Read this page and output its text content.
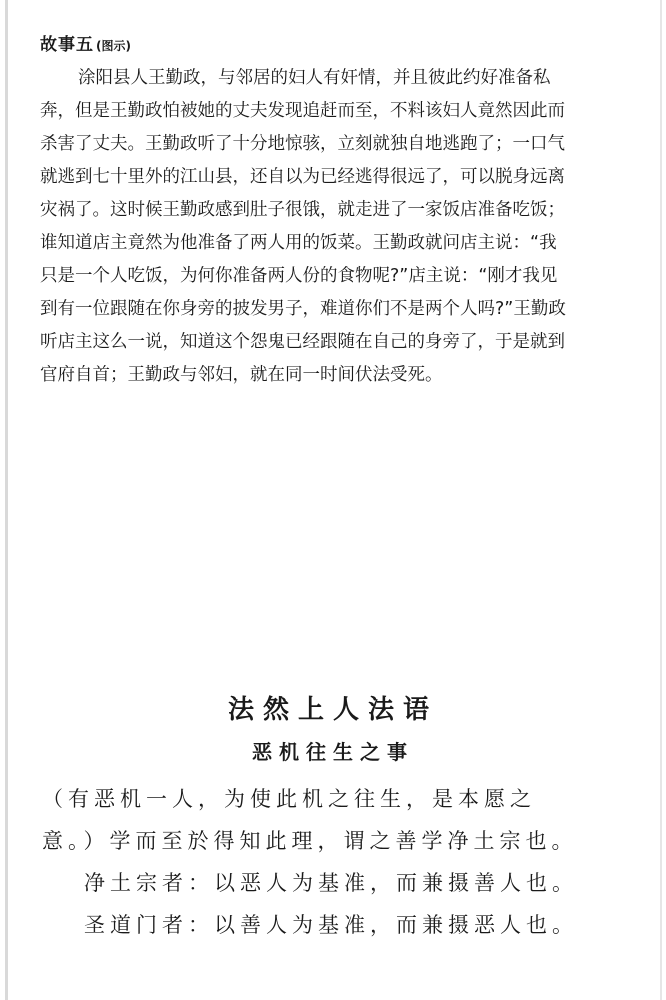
故事五 (图示)
涂阳县人王勤政，与邻居的妇人有奸情，并且彼此约好准备私
奔，但是王勤政怕被她的丈夫发现追赶而至，不料该妇人竟然因此而
杀害了丈夫。王勤政听了十分地惊骇，立刻就独自地逃跑了；一口气
就逃到七十里外的江山县，还自以为已经逃得很远了，可以脱身远离
灾祸了。这时候王勤政感到肚子很饿，就走进了一家饭店准备吃饭；
谁知道店主竟然为他准备了两人用的饭菜。王勤政就问店主说：“我
只是一个人吃饭，为何你准备两人份的食物呢?”店主说：“刚才我见
到有一位跟随在你身旁的披发男子，难道你们不是两个人吗?”王勤政
听店主这么一说，知道这个怨鬼已经跟随在自己的身旁了，于是就到
官府自首；王勤政与邻妇，就在同一时间伏法受死。
法然上人法语
恶机往生之事
（有恶机一人，为使此机之往生，是本愿之
意。）学而至於得知此理，谓之善学净土宗也。
净土宗者：以恶人为基准，而兼摄善人也。
圣道门者：以善人为基准，而兼摄恶人也。
